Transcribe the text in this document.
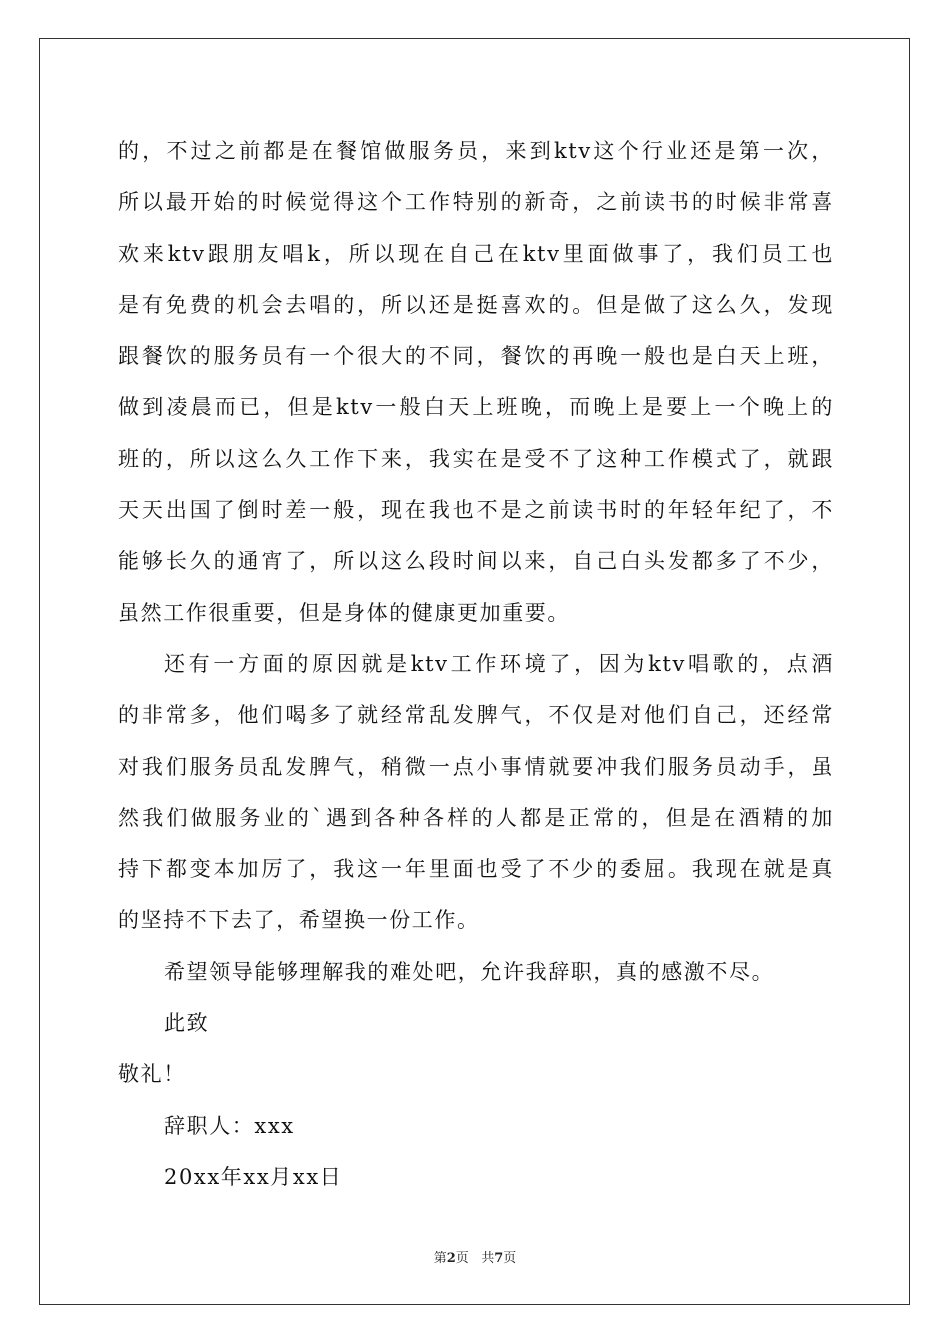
的，不过之前都是在餐馆做服务员，来到ktv这个行业还是第一次，
所以最开始的时候觉得这个工作特别的新奇，之前读书的时候非常喜
欢来ktv跟朋友唱k，所以现在自己在ktv里面做事了，我们员工也
是有免费的机会去唱的，所以还是挺喜欢的。但是做了这么久，发现
跟餐饮的服务员有一个很大的不同，餐饮的再晚一般也是白天上班，
做到凌晨而已，但是ktv一般白天上班晚，而晚上是要上一个晚上的
班的，所以这么久工作下来，我实在是受不了这种工作模式了，就跟
天天出国了倒时差一般，现在我也不是之前读书时的年轻年纪了，不
能够长久的通宵了，所以这么段时间以来，自己白头发都多了不少，
虽然工作很重要，但是身体的健康更加重要。
还有一方面的原因就是ktv工作环境了，因为ktv唱歌的，点酒
的非常多，他们喝多了就经常乱发脾气，不仅是对他们自己，还经常
对我们服务员乱发脾气，稍微一点小事情就要冲我们服务员动手，虽
然我们做服务业的`遇到各种各样的人都是正常的，但是在酒精的加
持下都变本加厉了，我这一年里面也受了不少的委屈。我现在就是真
的坚持不下去了，希望换一份工作。
希望领导能够理解我的难处吧，允许我辞职，真的感激不尽。
此致
敬礼！
辞职人：xxx
20xx年xx月xx日
第2页 共7页
